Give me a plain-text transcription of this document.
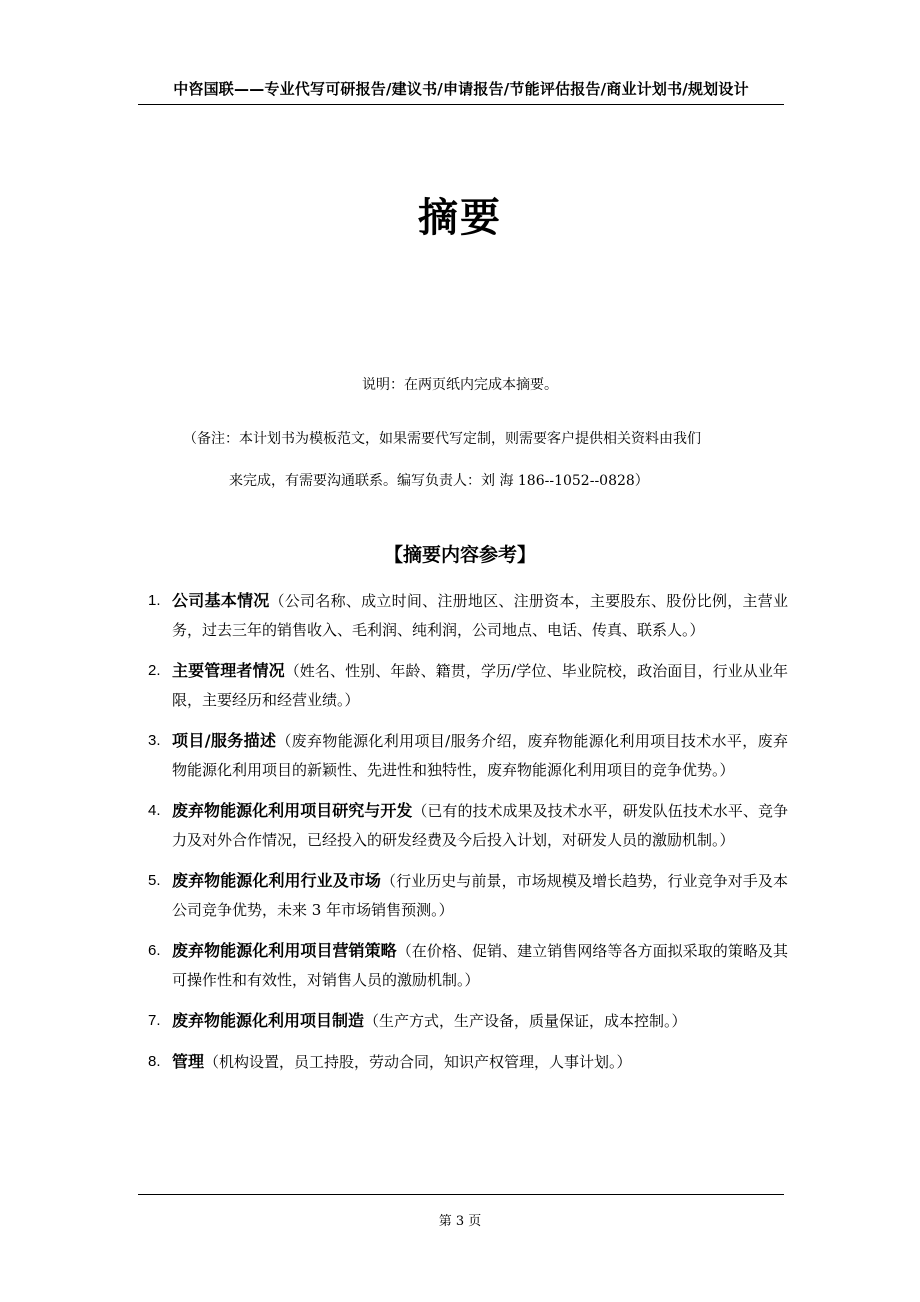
中咨国联——专业代写可研报告/建议书/申请报告/节能评估报告/商业计划书/规划设计
摘要
说明：在两页纸内完成本摘要。
（备注：本计划书为模板范文，如果需要代写定制，则需要客户提供相关资料由我们
来完成，有需要沟通联系。编写负责人：刘 海 186--1052--0828）
【摘要内容参考】
1. 公司基本情况（公司名称、成立时间、注册地区、注册资本，主要股东、股份比例，主营业务，过去三年的销售收入、毛利润、纯利润，公司地点、电话、传真、联系人。）
2. 主要管理者情况（姓名、性别、年龄、籍贯，学历/学位、毕业院校，政治面目，行业从业年限，主要经历和经营业绩。）
3. 项目/服务描述（废弃物能源化利用项目/服务介绍，废弃物能源化利用项目技术水平，废弃物能源化利用项目的新颖性、先进性和独特性，废弃物能源化利用项目的竞争优势。）
4. 废弃物能源化利用项目研究与开发（已有的技术成果及技术水平，研发队伍技术水平、竞争力及对外合作情况，已经投入的研发经费及今后投入计划，对研发人员的激励机制。）
5. 废弃物能源化利用行业及市场（行业历史与前景，市场规模及增长趋势，行业竞争对手及本公司竞争优势，未来 3 年市场销售预测。）
6. 废弃物能源化利用项目营销策略（在价格、促销、建立销售网络等各方面拟采取的策略及其可操作性和有效性，对销售人员的激励机制。）
7. 废弃物能源化利用项目制造（生产方式，生产设备，质量保证，成本控制。）
8. 管理（机构设置，员工持股，劳动合同，知识产权管理，人事计划。）
第 3 页
